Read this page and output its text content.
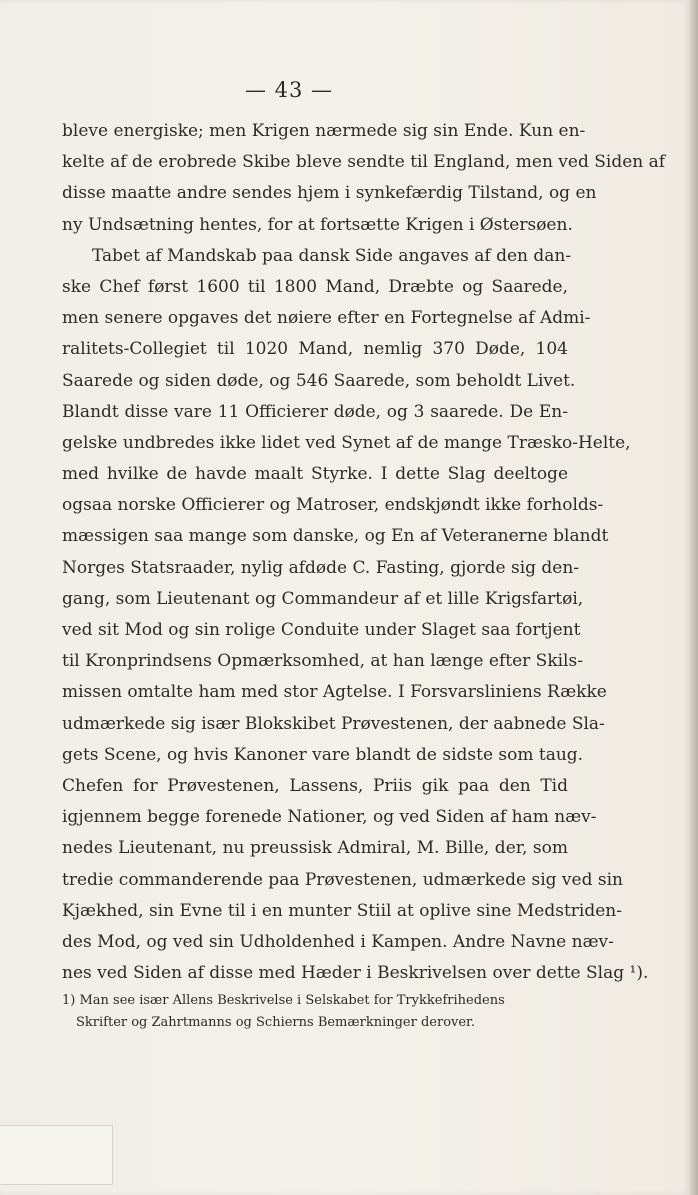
— 43 —
bleve energiske; men Krigen nærmede sig sin Ende. Kun en-
kelte af de erobrede Skibe bleve sendte til England, men ved Siden af
disse maatte andre sendes hjem i synkefærdig Tilstand, og en
ny Undsætning hentes, for at fortsætte Krigen i Østersøen.
Tabet af Mandskab paa dansk Side angaves af den dan-
ske Chef først 1600 til 1800 Mand, Dræbte og Saarede,
men senere opgaves det nøiere efter en Fortegnelse af Admi-
ralitets-Collegiet til 1020 Mand, nemlig 370 Døde, 104
Saarede og siden døde, og 546 Saarede, som beholdt Livet.
Blandt disse vare 11 Officierer døde, og 3 saarede. De En-
gelske undbredes ikke lidet ved Synet af de mange Træsko-Helte,
med hvilke de havde maalt Styrke. I dette Slag deeltoge
ogsaa norske Officierer og Matroser, endskjøndt ikke forholds-
mæssigen saa mange som danske, og En af Veteranerne blandt
Norges Statsraader, nylig afdøde C. Fasting, gjorde sig den-
gang, som Lieutenant og Commandeur af et lille Krigsfartøi,
ved sit Mod og sin rolige Conduite under Slaget saa fortjent
til Kronprindsens Opmærksomhed, at han længe efter Skils-
missen omtalte ham med stor Agtelse. I Forsvarsliniens Række
udmærkede sig især Blokskibet Prøvestenen, der aabnede Sla-
gets Scene, og hvis Kanoner vare blandt de sidste som taug.
Chefen for Prøvestenen, Lassens, Priis gik paa den Tid
igjennem begge forenede Nationer, og ved Siden af ham næv-
nedes Lieutenant, nu preussisk Admiral, M. Bille, der, som
tredie commanderende paa Prøvestenen, udmærkede sig ved sin
Kjækhed, sin Evne til i en munter Stiil at oplive sine Medstriden-
des Mod, og ved sin Udholdenhed i Kampen. Andre Navne næv-
nes ved Siden af disse med Hæder i Beskrivelsen over dette Slag ¹).
1) Man see især Allens Beskrivelse i Selskabet for Trykkefrihedens
Skrifter og Zahrtmanns og Schierns Bemærkninger derover.
